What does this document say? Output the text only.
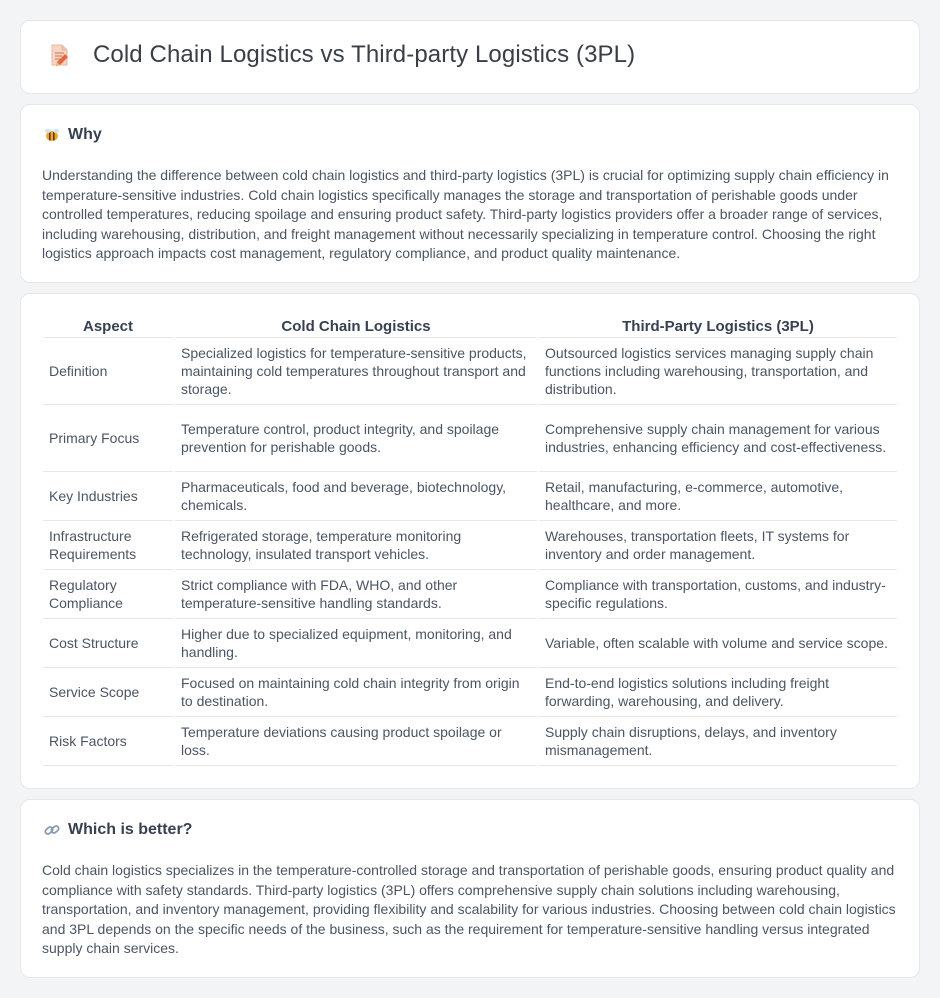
Cold Chain Logistics vs Third-party Logistics (3PL)
Why

Understanding the difference between cold chain logistics and third-party logistics (3PL) is crucial for optimizing supply chain efficiency in temperature-sensitive industries. Cold chain logistics specifically manages the storage and transportation of perishable goods under controlled temperatures, reducing spoilage and ensuring product safety. Third-party logistics providers offer a broader range of services, including warehousing, distribution, and freight management without necessarily specializing in temperature control. Choosing the right logistics approach impacts cost management, regulatory compliance, and product quality maintenance.

Aspect	Cold Chain Logistics	Third-Party Logistics (3PL)
Definition	Specialized logistics for temperature-sensitive products, maintaining cold temperatures throughout transport and storage.	Outsourced logistics services managing supply chain functions including warehousing, transportation, and distribution.
Primary Focus	Temperature control, product integrity, and spoilage prevention for perishable goods.	Comprehensive supply chain management for various industries, enhancing efficiency and cost-effectiveness.
Key Industries	Pharmaceuticals, food and beverage, biotechnology, chemicals.	Retail, manufacturing, e-commerce, automotive, healthcare, and more.
Infrastructure Requirements	Refrigerated storage, temperature monitoring technology, insulated transport vehicles.	Warehouses, transportation fleets, IT systems for inventory and order management.
Regulatory Compliance	Strict compliance with FDA, WHO, and other temperature-sensitive handling standards.	Compliance with transportation, customs, and industry-specific regulations.
Cost Structure	Higher due to specialized equipment, monitoring, and handling.	Variable, often scalable with volume and service scope.
Service Scope	Focused on maintaining cold chain integrity from origin to destination.	End-to-end logistics solutions including freight forwarding, warehousing, and delivery.
Risk Factors	Temperature deviations causing product spoilage or loss.	Supply chain disruptions, delays, and inventory mismanagement.
Which is better?

Cold chain logistics specializes in the temperature-controlled storage and transportation of perishable goods, ensuring product quality and compliance with safety standards. Third-party logistics (3PL) offers comprehensive supply chain solutions including warehousing, transportation, and inventory management, providing flexibility and scalability for various industries. Choosing between cold chain logistics and 3PL depends on the specific needs of the business, such as the requirement for temperature-sensitive handling versus integrated supply chain services.
